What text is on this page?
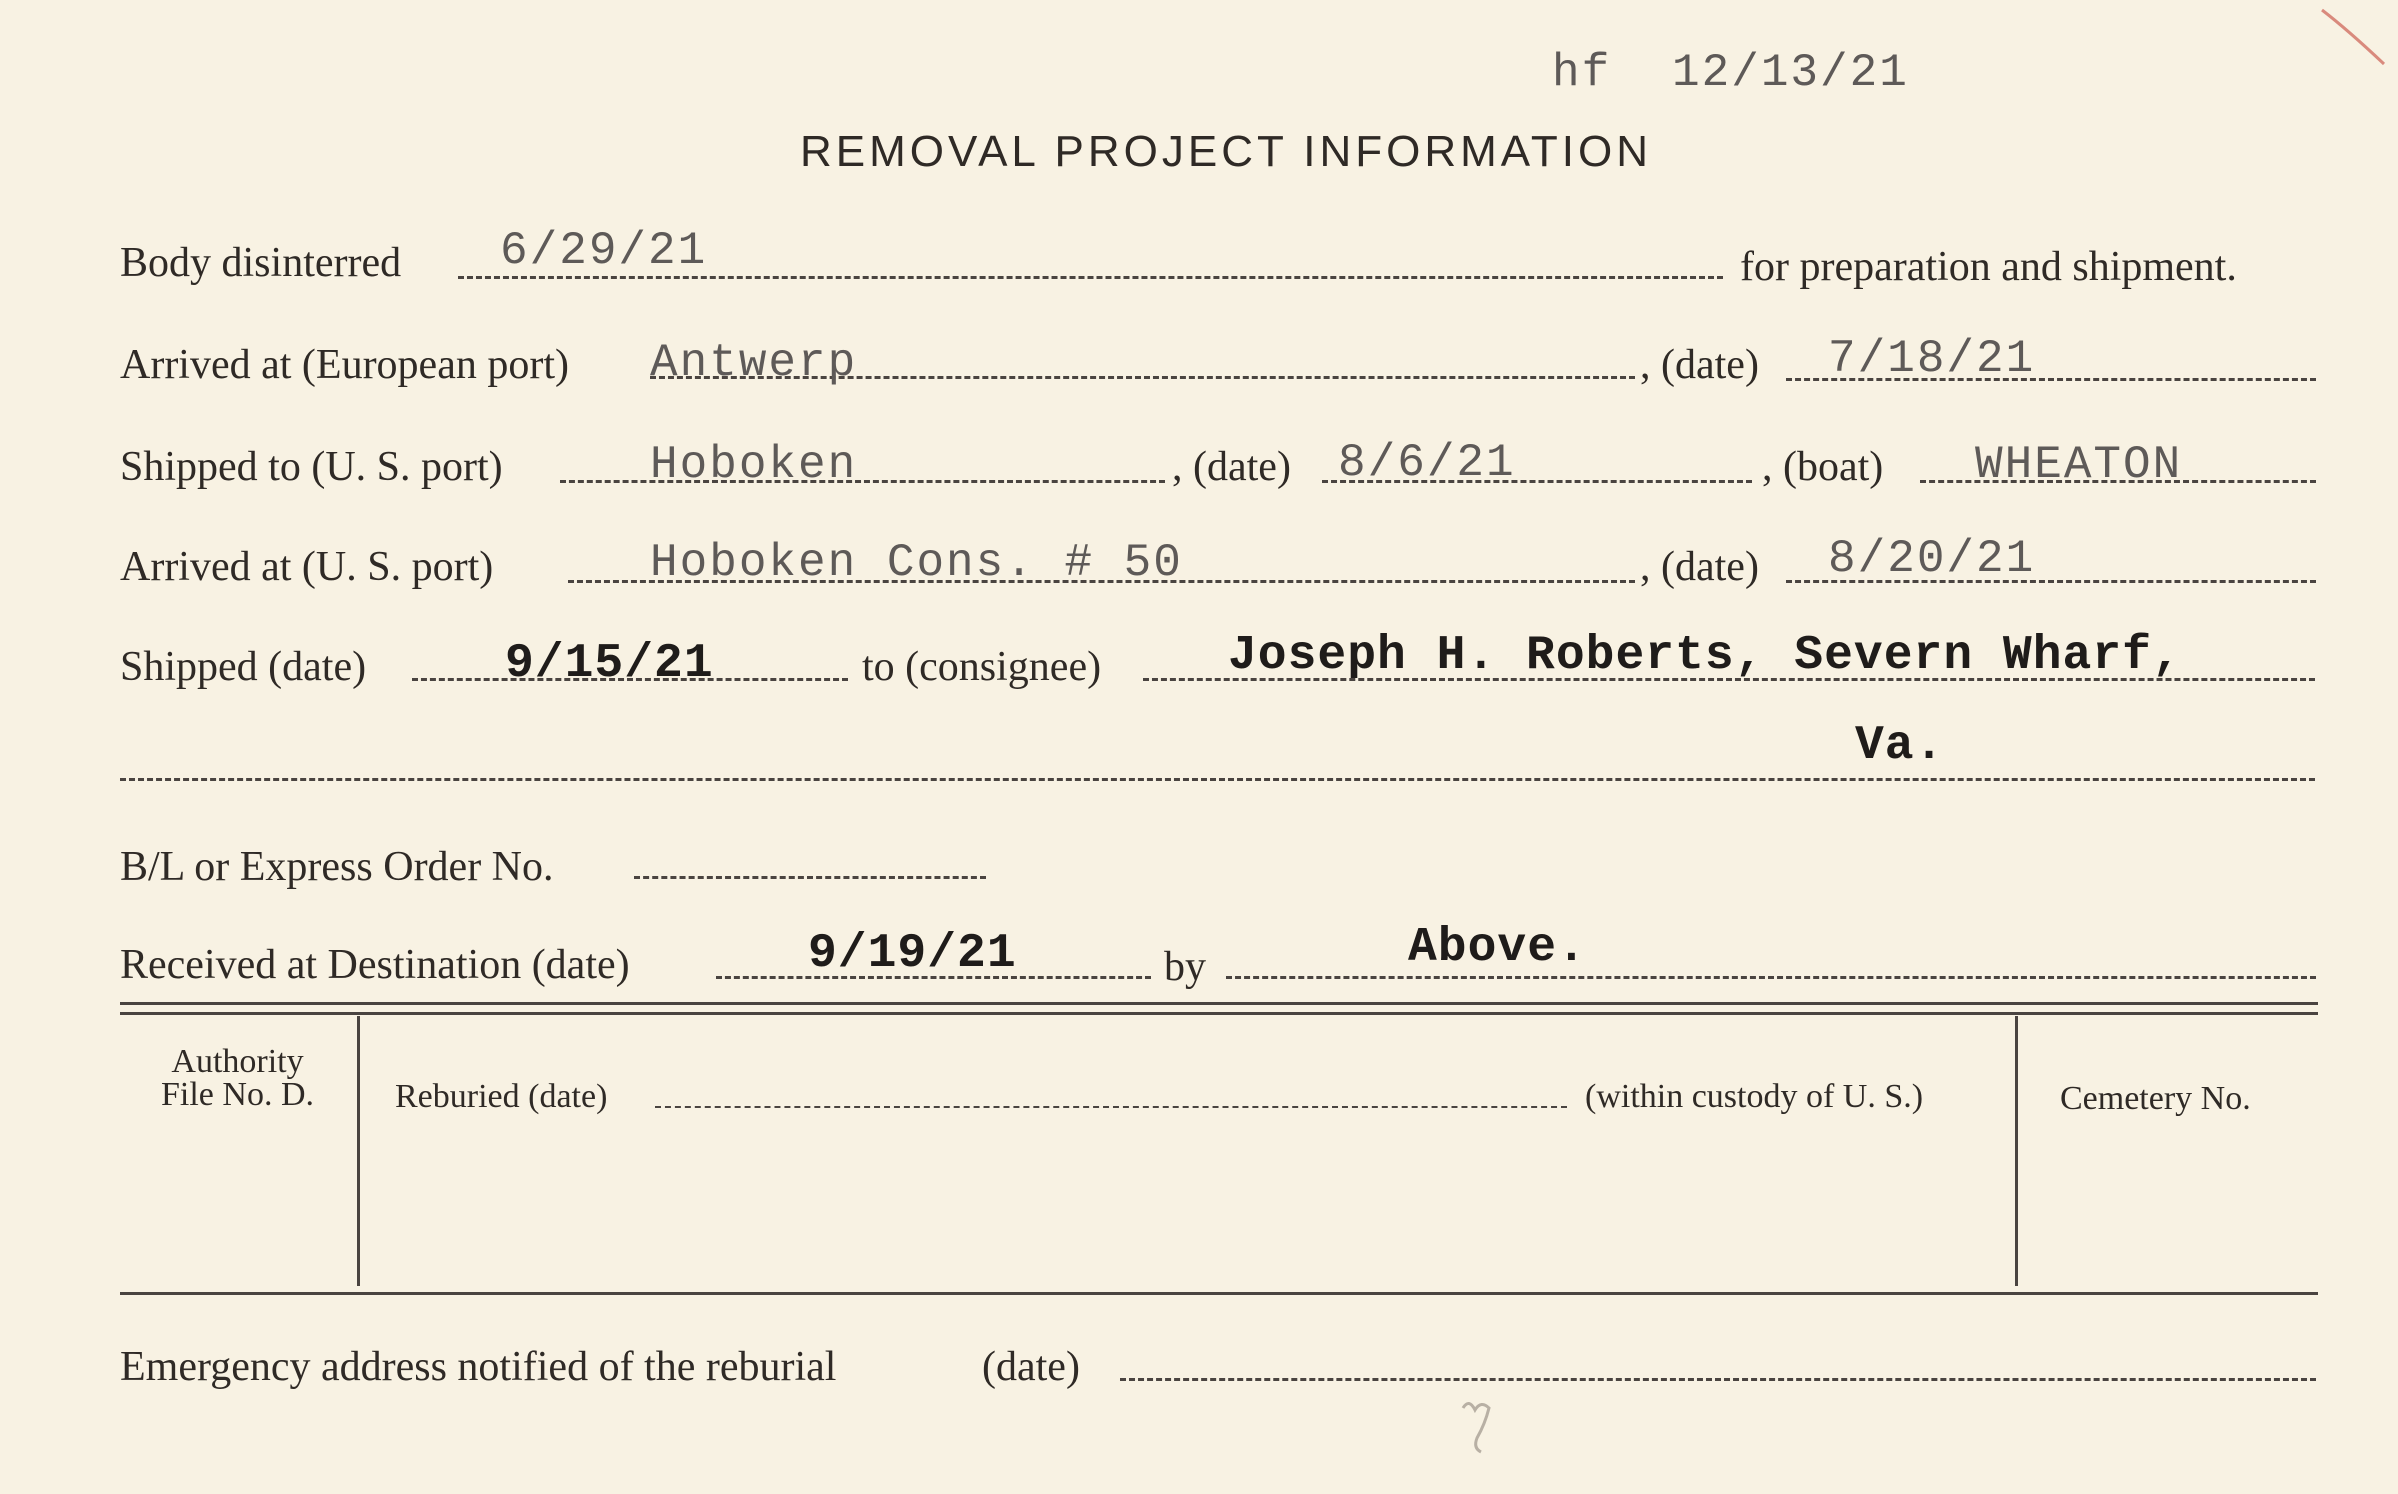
hf 12/13/21
REMOVAL PROJECT INFORMATION
Body disinterred 6/29/21	for preparation and shipment.
Arrived at (European port) Antwerp	, (date) 7/18/21
Shipped to (U. S. port)	Hoboken	, (date) 8/6/21	, (boat) WHEATON
Arrived at (U. S. port)	Hoboken Cons. # 50	, (date) 8/20/21
Shipped (date)	9/15/21	to (consignee)	Joseph H. Roberts, Severn Wharf,
Va.
B/L or Express Order No.
Received at Destination (date)	9/19/21	by	Above.
Authority
File No. D.	Reburied (date)	(within custody of U. S.)	Cemetery No.
Emergency address notified of the reburial	(date)
